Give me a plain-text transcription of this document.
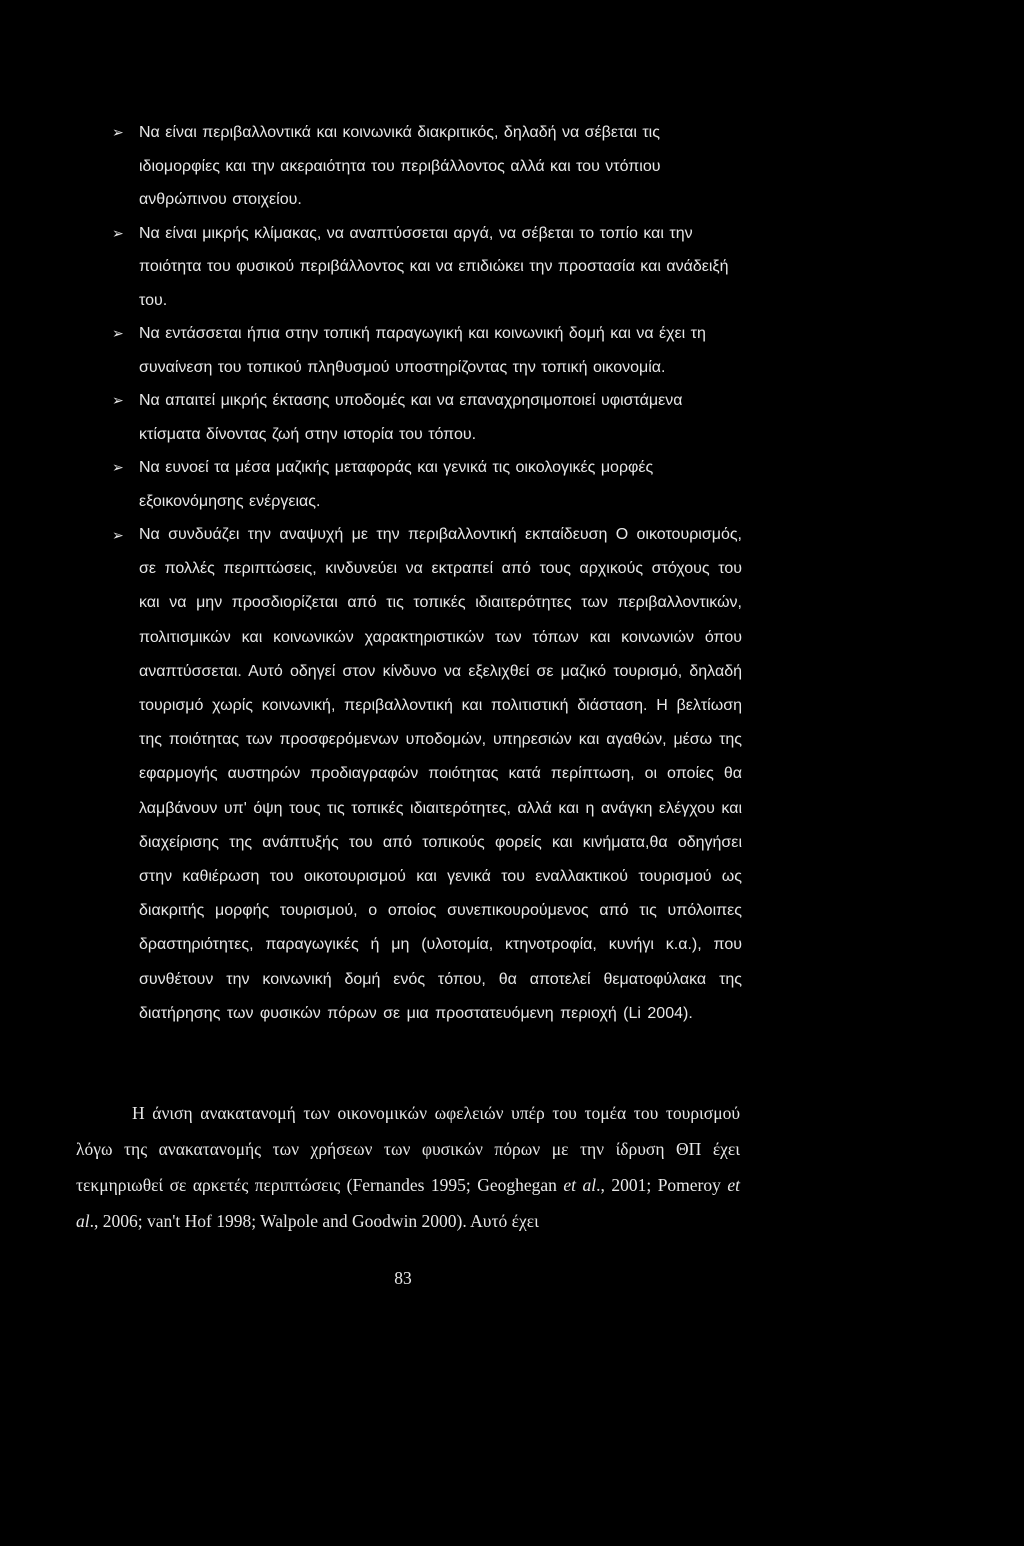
➢ Να είναι περιβαλλοντικά και κοινωνικά διακριτικός, δηλαδή να σέβεται τις ιδιομορφίες και την ακεραιότητα του περιβάλλοντος αλλά και του ντόπιου ανθρώπινου στοιχείου.
➢ Να είναι μικρής κλίμακας, να αναπτύσσεται αργά, να σέβεται το τοπίο και την ποιότητα του φυσικού περιβάλλοντος και να επιδιώκει την προστασία και ανάδειξή του.
➢ Να εντάσσεται ήπια στην τοπική παραγωγική και κοινωνική δομή και να έχει τη συναίνεση του τοπικού πληθυσμού υποστηρίζοντας την τοπική οικονομία.
➢ Να απαιτεί μικρής έκτασης υποδομές και να επαναχρησιμοποιεί υφιστάμενα κτίσματα δίνοντας ζωή στην ιστορία του τόπου.
➢ Να ευνοεί τα μέσα μαζικής μεταφοράς και γενικά τις οικολογικές μορφές εξοικονόμησης ενέργειας.
➢ Να συνδυάζει την αναψυχή με την περιβαλλοντική εκπαίδευση Ο οικοτουρισμός, σε πολλές περιπτώσεις, κινδυνεύει να εκτραπεί από τους αρχικούς στόχους του και να μην προσδιορίζεται από τις τοπικές ιδιαιτερότητες των περιβαλλοντικών, πολιτισμικών και κοινωνικών χαρακτηριστικών των τόπων και κοινωνιών όπου αναπτύσσεται. Αυτό οδηγεί στον κίνδυνο να εξελιχθεί σε μαζικό τουρισμό, δηλαδή τουρισμό χωρίς κοινωνική, περιβαλλοντική και πολιτιστική διάσταση. Η βελτίωση της ποιότητας των προσφερόμενων υποδομών, υπηρεσιών και αγαθών, μέσω της εφαρμογής αυστηρών προδιαγραφών ποιότητας κατά περίπτωση, οι οποίες θα λαμβάνουν υπ' όψη τους τις τοπικές ιδιαιτερότητες, αλλά και η ανάγκη ελέγχου και διαχείρισης της ανάπτυξής του από τοπικούς φορείς και κινήματα,θα οδηγήσει στην καθιέρωση του οικοτουρισμού και γενικά του εναλλακτικού τουρισμού ως διακριτής μορφής τουρισμού, ο οποίος συνεπικουρούμενος από τις υπόλοιπες δραστηριότητες, παραγωγικές ή μη (υλοτομία, κτηνοτροφία, κυνήγι κ.α.), που συνθέτουν την κοινωνική δομή ενός τόπου, θα αποτελεί θεματοφύλακα της διατήρησης των φυσικών πόρων σε μια προστατευόμενη περιοχή (Li 2004).

Η άνιση ανακατανομή των οικονομικών ωφελειών υπέρ του τομέα του τουρισμού λόγω της ανακατανομής των χρήσεων των φυσικών πόρων με την ίδρυση ΘΠ έχει τεκμηριωθεί σε αρκετές περιπτώσεις (Fernandes 1995; Geoghegan et al., 2001; Pomeroy et al., 2006; van't Hof 1998; Walpole and Goodwin 2000). Αυτό έχει

83
